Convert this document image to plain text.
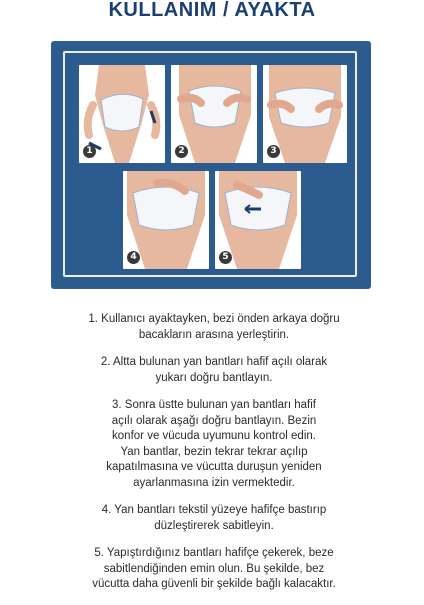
KULLANIM / AYAKTA
1	2	3
4	5

1. Kullanıcı ayaktayken, bezi önden arkaya doğru

bacakların arasına yerleştirin.

2. Altta bulunan yan bantları hafif açılı olarak

yukarı doğru bantlayın.

3. Sonra üstte bulunan yan bantları hafif

açılı olarak aşağı doğru bantlayın. Bezin

konfor ve vücuda uyumunu kontrol edin.

Yan bantlar, bezin tekrar tekrar açılıp

kapatılmasına ve vücutta duruşun yeniden

ayarlanmasına izin vermektedir.

4. Yan bantları tekstil yüzeye hafifçe bastırıp

düzleştirerek sabitleyin.

5. Yapıştırdığınız bantları hafifçe çekerek, beze

sabitlendiğinden emin olun. Bu şekilde, bez

vücutta daha güvenli bir şekilde bağlı kalacaktır.
